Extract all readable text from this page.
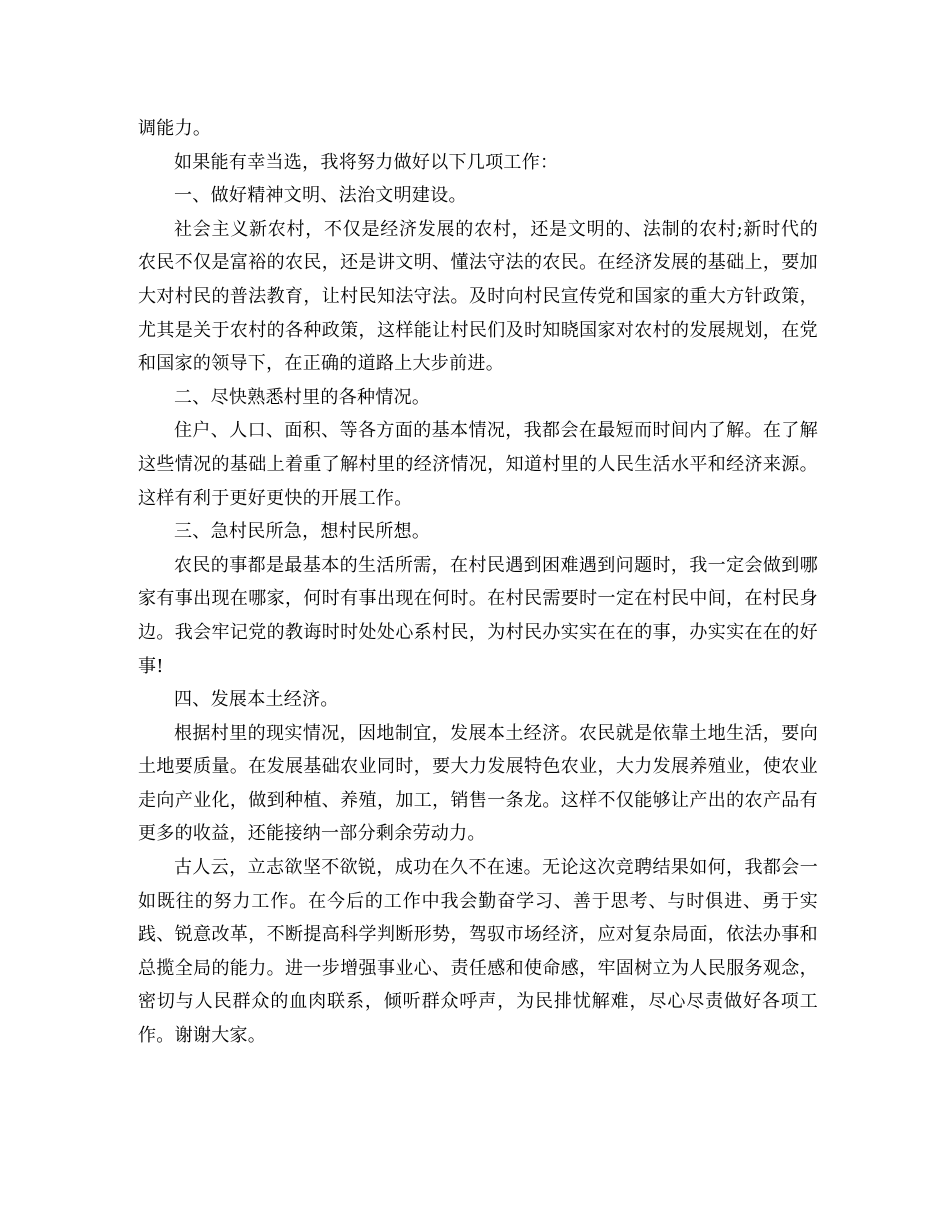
调能力。

如果能有幸当选，我将努力做好以下几项工作：

一、做好精神文明、法治文明建设。

社会主义新农村，不仅是经济发展的农村，还是文明的、法制的农村;新时代的农民不仅是富裕的农民，还是讲文明、懂法守法的农民。在经济发展的基础上，要加大对村民的普法教育，让村民知法守法。及时向村民宣传党和国家的重大方针政策，尤其是关于农村的各种政策，这样能让村民们及时知晓国家对农村的发展规划，在党和国家的领导下，在正确的道路上大步前进。

二、尽快熟悉村里的各种情况。

住户、人口、面积、等各方面的基本情况，我都会在最短而时间内了解。在了解这些情况的基础上着重了解村里的经济情况，知道村里的人民生活水平和经济来源。这样有利于更好更快的开展工作。

三、急村民所急，想村民所想。

农民的事都是最基本的生活所需，在村民遇到困难遇到问题时，我一定会做到哪家有事出现在哪家，何时有事出现在何时。在村民需要时一定在村民中间，在村民身边。我会牢记党的教诲时时处处心系村民，为村民办实实在在的事，办实实在在的好事!

四、发展本土经济。

根据村里的现实情况，因地制宜，发展本土经济。农民就是依靠土地生活，要向土地要质量。在发展基础农业同时，要大力发展特色农业，大力发展养殖业，使农业走向产业化，做到种植、养殖，加工，销售一条龙。这样不仅能够让产出的农产品有更多的收益，还能接纳一部分剩余劳动力。

古人云，立志欲坚不欲锐，成功在久不在速。无论这次竞聘结果如何，我都会一如既往的努力工作。在今后的工作中我会勤奋学习、善于思考、与时俱进、勇于实践、锐意改革，不断提高科学判断形势，驾驭市场经济，应对复杂局面，依法办事和总揽全局的能力。进一步增强事业心、责任感和使命感，牢固树立为人民服务观念，密切与人民群众的血肉联系，倾听群众呼声，为民排忧解难，尽心尽责做好各项工作。谢谢大家。
